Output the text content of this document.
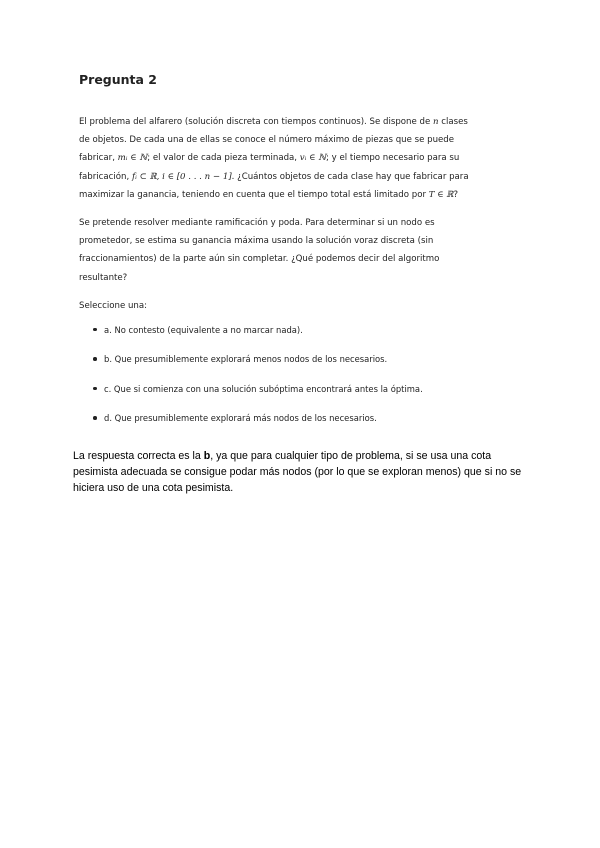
Pregunta 2

El problema del alfarero (solución discreta con tiempos continuos). Se dispone de n clases de objetos. De cada una de ellas se conoce el número máximo de piezas que se puede fabricar, mᵢ ∈ ℕ; el valor de cada pieza terminada, vᵢ ∈ ℕ; y el tiempo necesario para su fabricación, fᵢ ⊂ ℝ, i ∈ [0 . . . n − 1]. ¿Cuántos objetos de cada clase hay que fabricar para maximizar la ganancia, teniendo en cuenta que el tiempo total está limitado por T ∈ ℝ?

Se pretende resolver mediante ramificación y poda. Para determinar si un nodo es prometedor, se estima su ganancia máxima usando la solución voraz discreta (sin fraccionamientos) de la parte aún sin completar. ¿Qué podemos decir del algoritmo resultante?

Seleccione una:
a. No contesto (equivalente a no marcar nada).
b. Que presumiblemente explorará menos nodos de los necesarios.
c. Que si comienza con una solución subóptima encontrará antes la óptima.
d. Que presumiblemente explorará más nodos de los necesarios.

La respuesta correcta es la b, ya que para cualquier tipo de problema, si se usa una cota pesimista adecuada se consigue podar más nodos (por lo que se exploran menos) que si no se hiciera uso de una cota pesimista.
